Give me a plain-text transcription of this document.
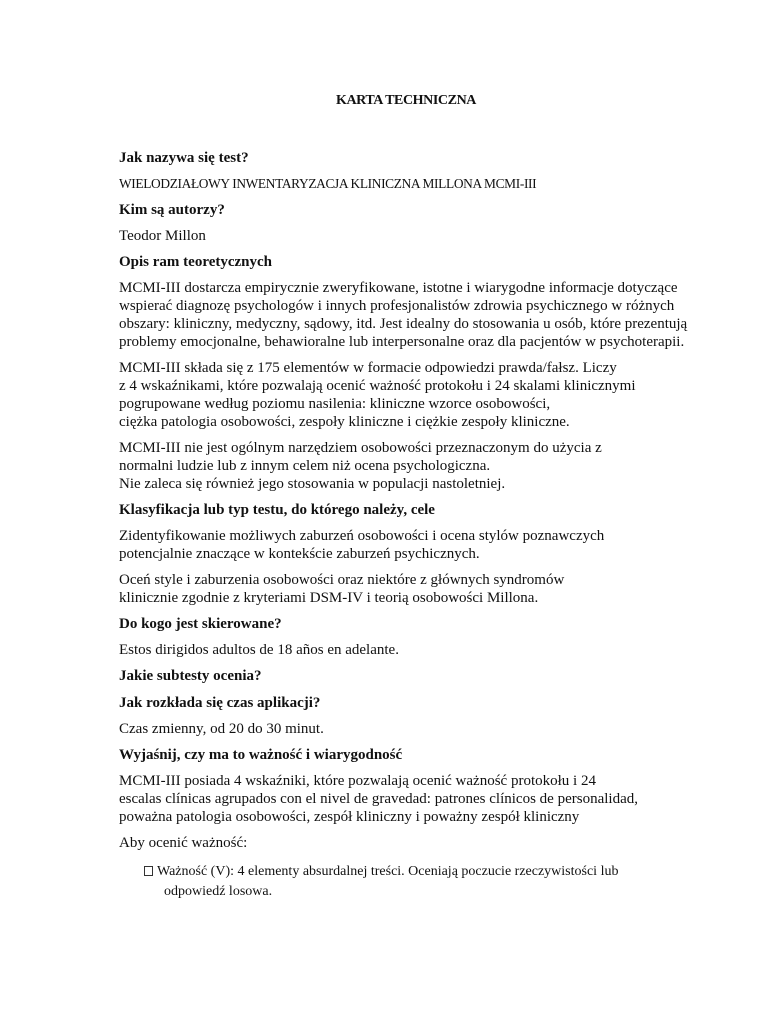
KARTA TECHNICZNA

Jak nazywa się test?

WIELODZIAŁOWY INWENTARYZACJA KLINICZNA MILLONA MCMI-III

Kim są autorzy?

Teodor Millon

Opis ram teoretycznych

MCMI-III dostarcza empirycznie zweryfikowane, istotne i wiarygodne informacje dotyczące
wspierać diagnozę psychologów i innych profesjonalistów zdrowia psychicznego w różnych
obszary: kliniczny, medyczny, sądowy, itd. Jest idealny do stosowania u osób, które prezentują
problemy emocjonalne, behawioralne lub interpersonalne oraz dla pacjentów w psychoterapii.

MCMI-III składa się z 175 elementów w formacie odpowiedzi prawda/fałsz. Liczy
z 4 wskaźnikami, które pozwalają ocenić ważność protokołu i 24 skalami klinicznymi
pogrupowane według poziomu nasilenia: kliniczne wzorce osobowości,
ciężka patologia osobowości, zespoły kliniczne i ciężkie zespoły kliniczne.

MCMI-III nie jest ogólnym narzędziem osobowości przeznaczonym do użycia z
normalni ludzie lub z innym celem niż ocena psychologiczna.
Nie zaleca się również jego stosowania w populacji nastoletniej.

Klasyfikacja lub typ testu, do którego należy, cele

Zidentyfikowanie możliwych zaburzeń osobowości i ocena stylów poznawczych
potencjalnie znaczące w kontekście zaburzeń psychicznych.

Oceń style i zaburzenia osobowości oraz niektóre z głównych syndromów
klinicznie zgodnie z kryteriami DSM-IV i teorią osobowości Millona.

Do kogo jest skierowane?

Estos dirigidos adultos de 18 años en adelante.

Jakie subtesty ocenia?

Jak rozkłada się czas aplikacji?

Czas zmienny, od 20 do 30 minut.

Wyjaśnij, czy ma to ważność i wiarygodność

MCMI-III posiada 4 wskaźniki, które pozwalają ocenić ważność protokołu i 24
escalas clínicas agrupados con el nivel de gravedad: patrones clínicos de personalidad,
poważna patologia osobowości, zespół kliniczny i poważny zespół kliniczny

Aby ocenić ważność:

Ważność (V): 4 elementy absurdalnej treści. Oceniają poczucie rzeczywistości lub
odpowiedź losowa.
